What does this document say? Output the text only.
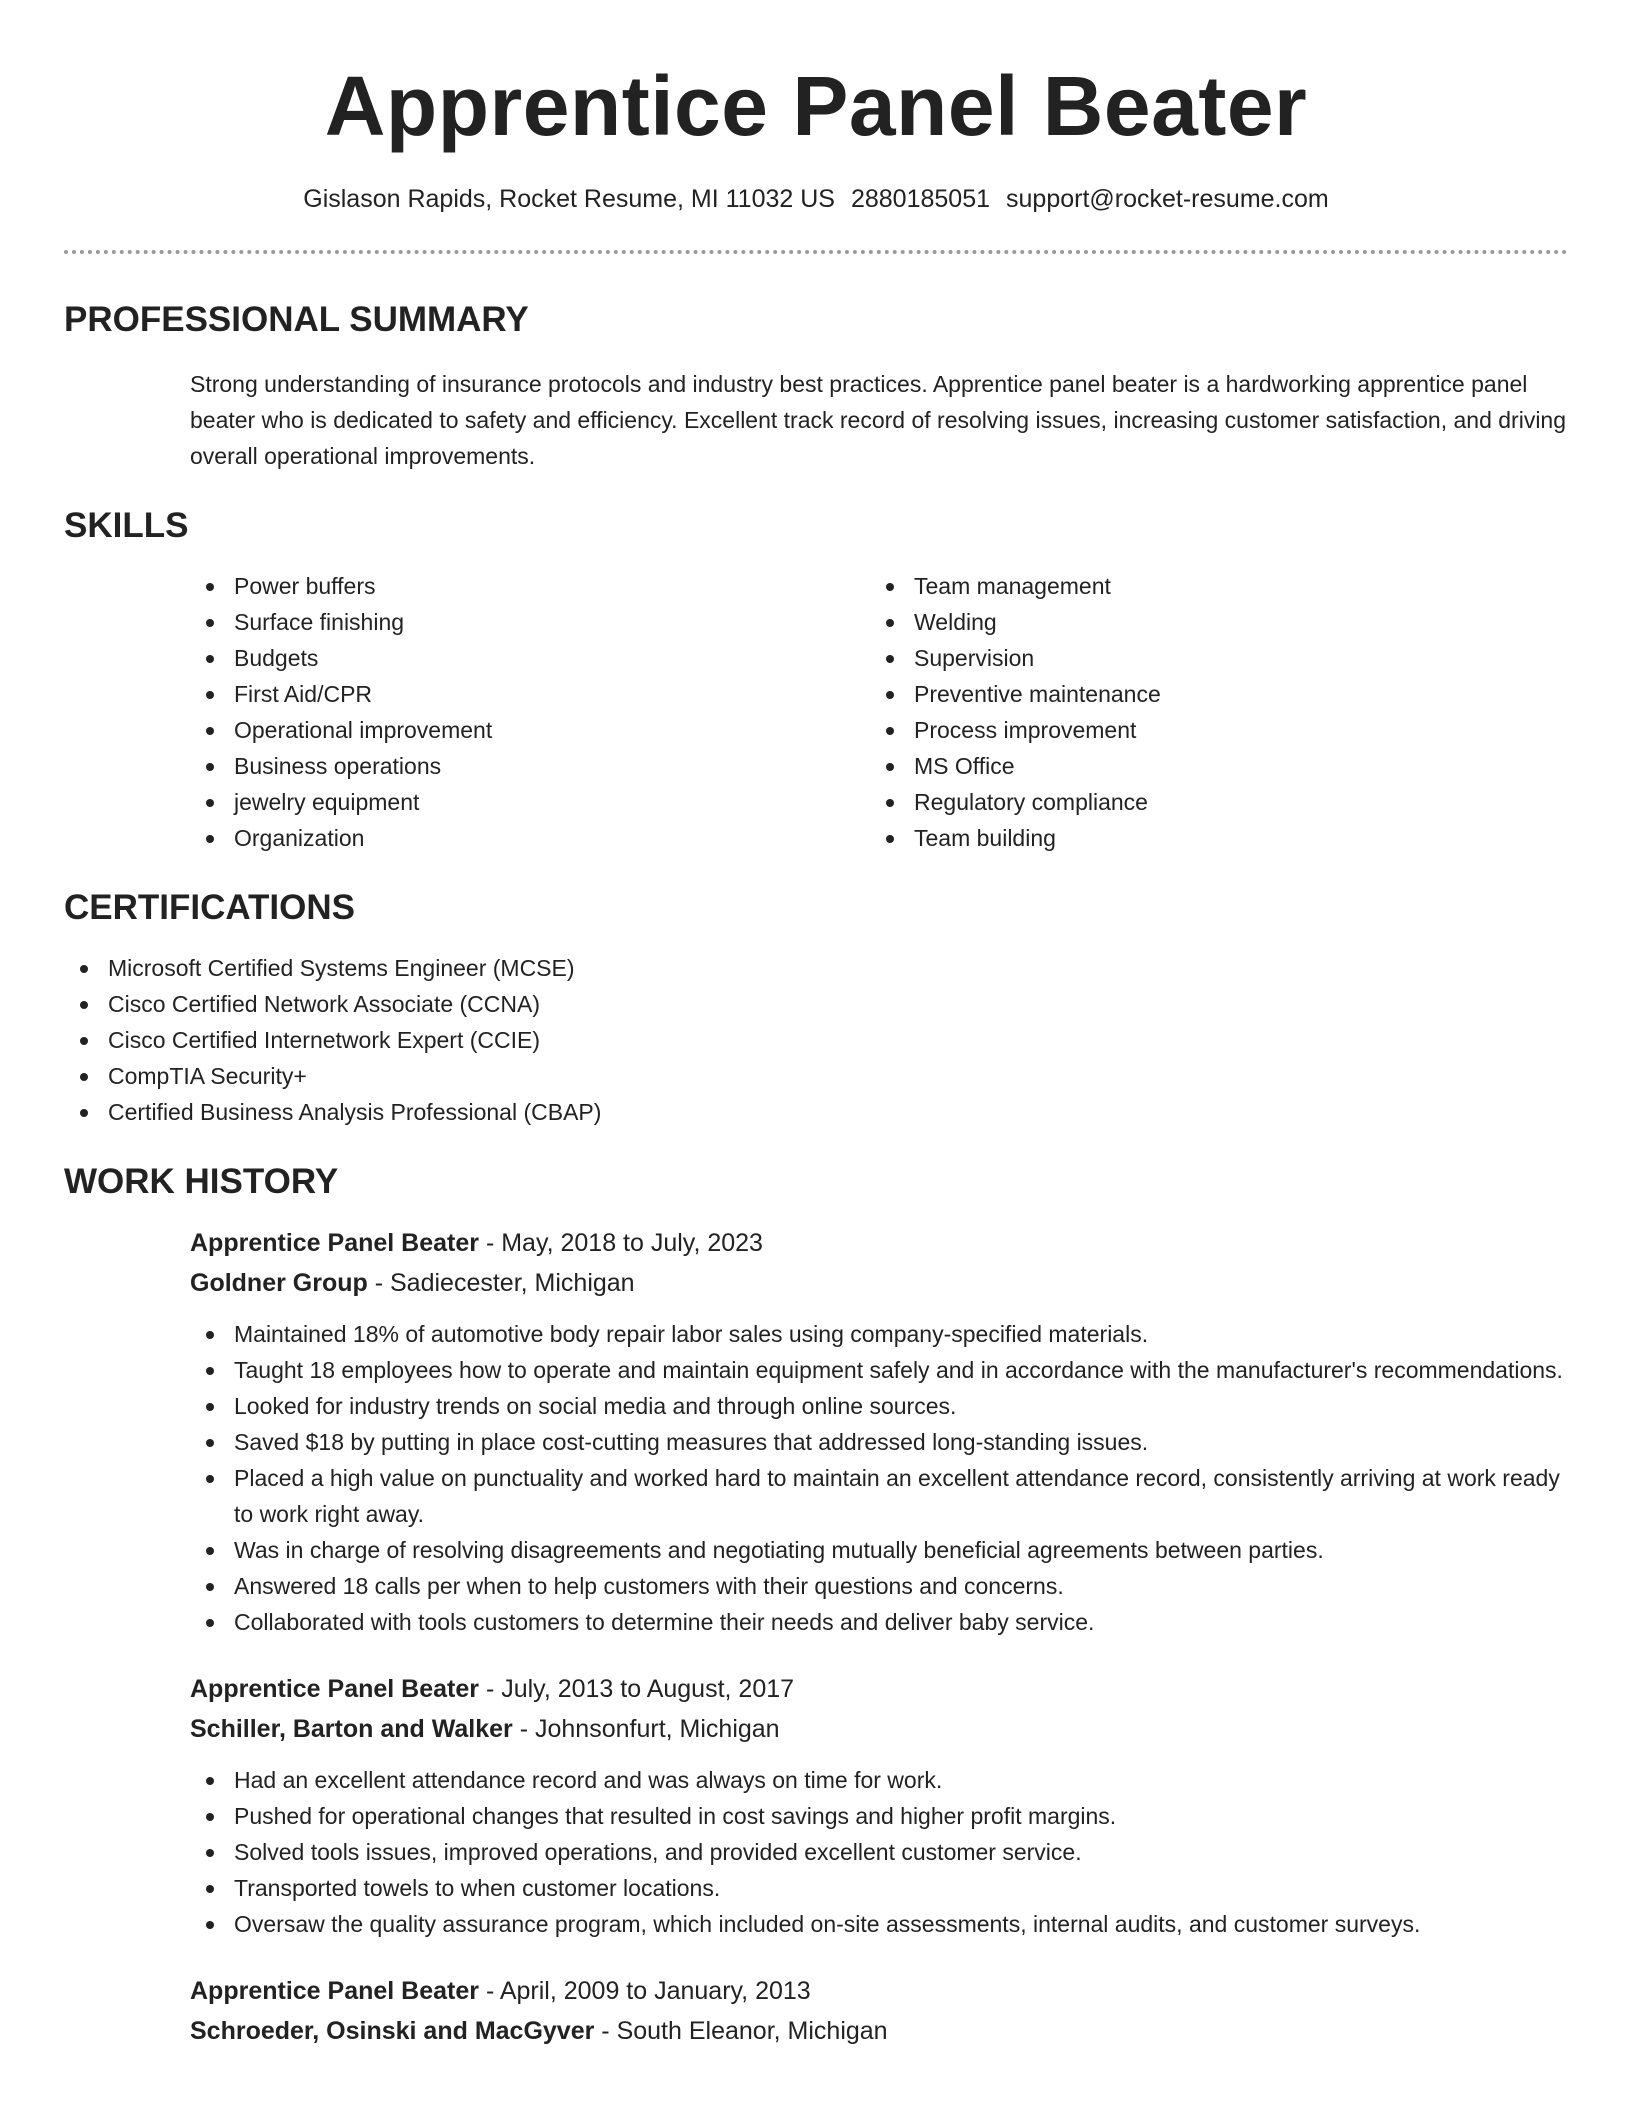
Apprentice Panel Beater
Gislason Rapids, Rocket Resume, MI 11032 US 2880185051 support@rocket-resume.com
PROFESSIONAL SUMMARY

Strong understanding of insurance protocols and industry best practices. Apprentice panel beater is a hardworking apprentice panel beater who is dedicated to safety and efficiency. Excellent track record of resolving issues, increasing customer satisfaction, and driving overall operational improvements.

SKILLS
Power buffers
Surface finishing
Budgets
First Aid/CPR
Operational improvement
Business operations
jewelry equipment
Organization
Team management
Welding
Supervision
Preventive maintenance
Process improvement
MS Office
Regulatory compliance
Team building
CERTIFICATIONS
Microsoft Certified Systems Engineer (MCSE)
Cisco Certified Network Associate (CCNA)
Cisco Certified Internetwork Expert (CCIE)
CompTIA Security+
Certified Business Analysis Professional (CBAP)
WORK HISTORY
Apprentice Panel Beater - May, 2018 to July, 2023
Goldner Group - Sadiecester, Michigan
Maintained 18% of automotive body repair labor sales using company-specified materials.
Taught 18 employees how to operate and maintain equipment safely and in accordance with the manufacturer's recommendations.
Looked for industry trends on social media and through online sources.
Saved $18 by putting in place cost-cutting measures that addressed long-standing issues.
Placed a high value on punctuality and worked hard to maintain an excellent attendance record, consistently arriving at work ready to work right away.
Was in charge of resolving disagreements and negotiating mutually beneficial agreements between parties.
Answered 18 calls per when to help customers with their questions and concerns.
Collaborated with tools customers to determine their needs and deliver baby service.
Apprentice Panel Beater - July, 2013 to August, 2017
Schiller, Barton and Walker - Johnsonfurt, Michigan
Had an excellent attendance record and was always on time for work.
Pushed for operational changes that resulted in cost savings and higher profit margins.
Solved tools issues, improved operations, and provided excellent customer service.
Transported towels to when customer locations.
Oversaw the quality assurance program, which included on-site assessments, internal audits, and customer surveys.
Apprentice Panel Beater - April, 2009 to January, 2013
Schroeder, Osinski and MacGyver - South Eleanor, Michigan
